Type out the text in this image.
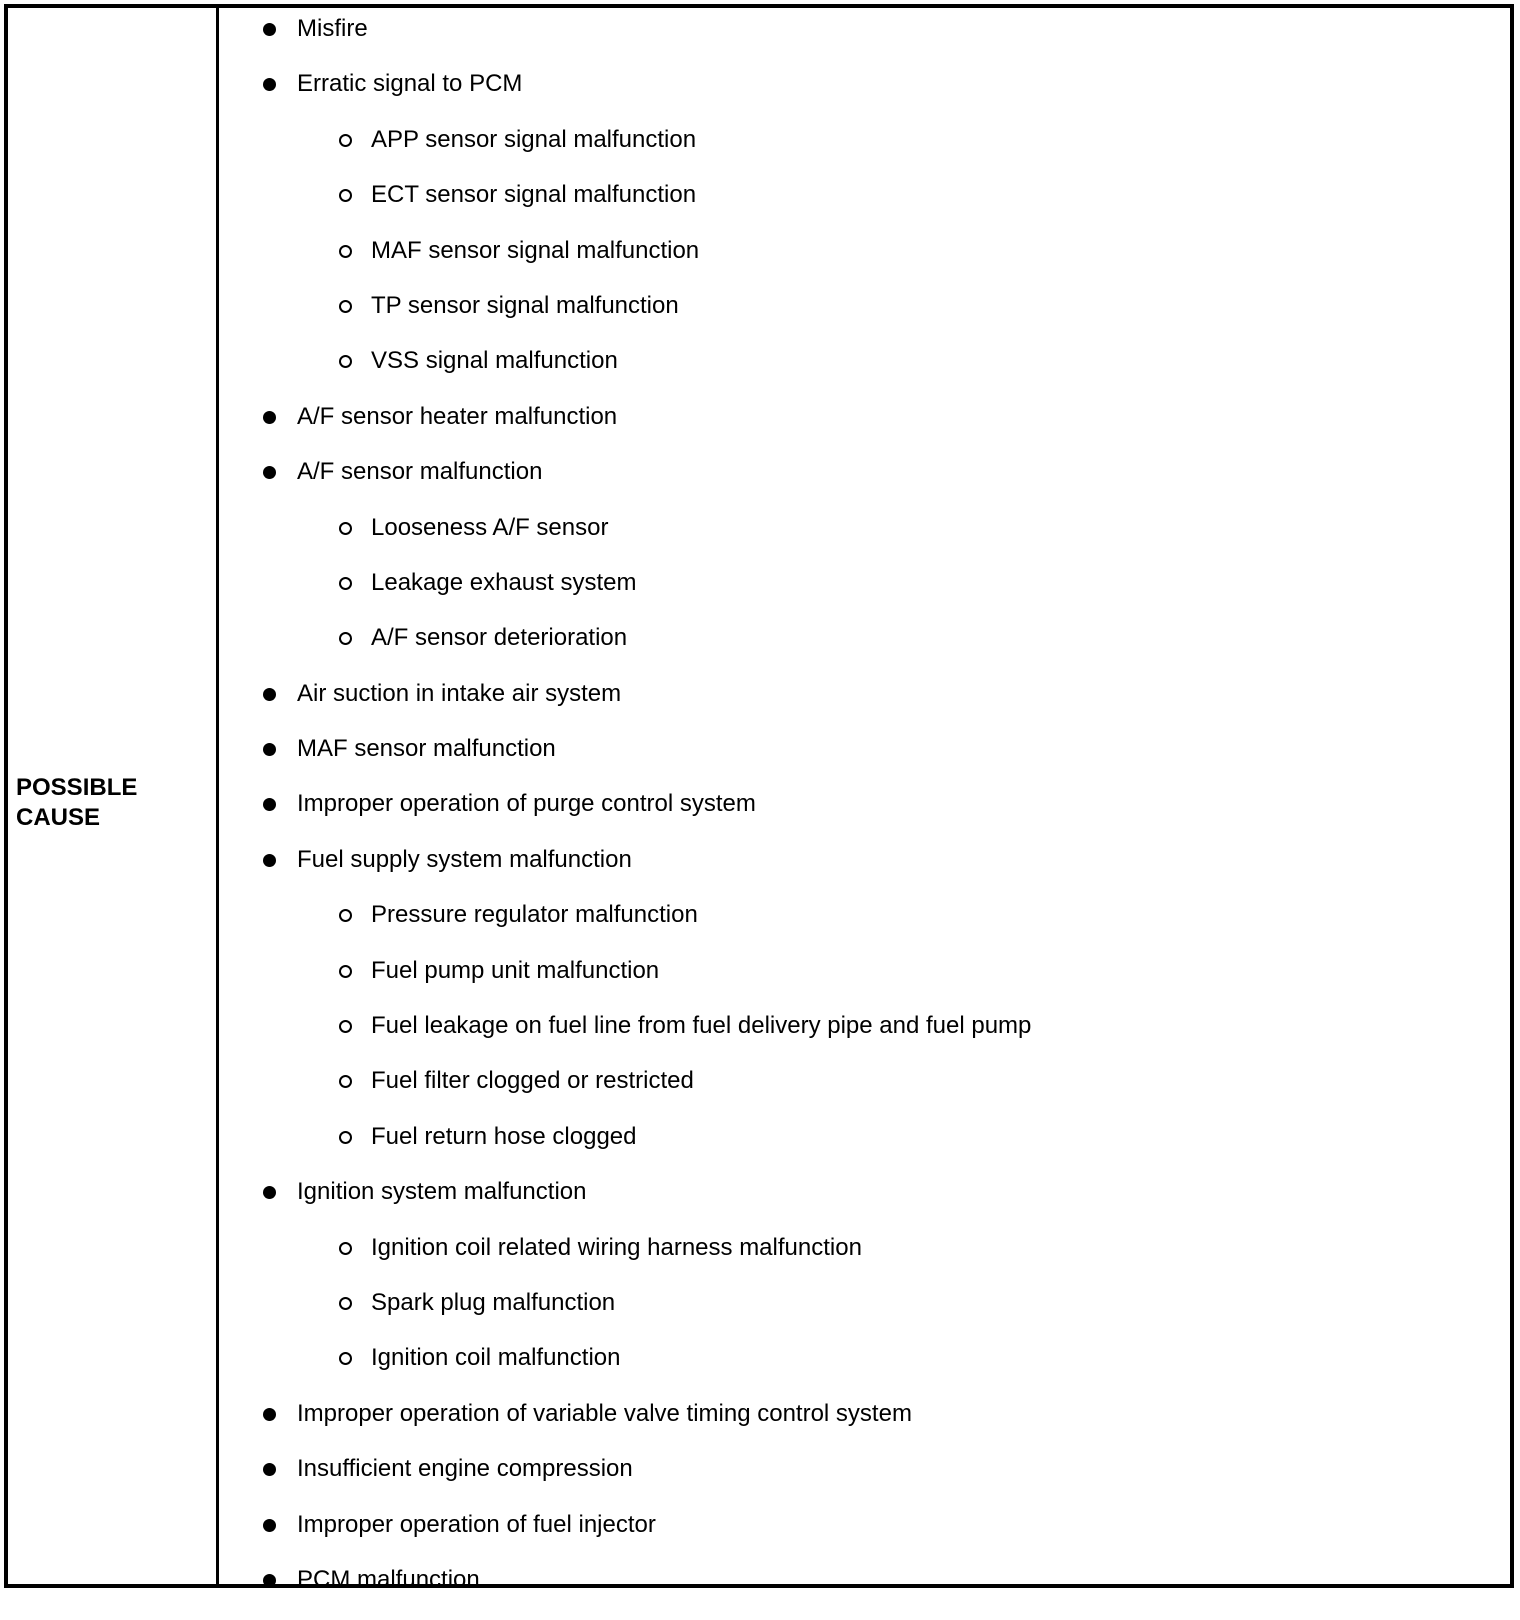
POSSIBLE
CAUSE
Misfire
Erratic signal to PCM
APP sensor signal malfunction
ECT sensor signal malfunction
MAF sensor signal malfunction
TP sensor signal malfunction
VSS signal malfunction
A/F sensor heater malfunction
A/F sensor malfunction
Looseness A/F sensor
Leakage exhaust system
A/F sensor deterioration
Air suction in intake air system
MAF sensor malfunction
Improper operation of purge control system
Fuel supply system malfunction
Pressure regulator malfunction
Fuel pump unit malfunction
Fuel leakage on fuel line from fuel delivery pipe and fuel pump
Fuel filter clogged or restricted
Fuel return hose clogged
Ignition system malfunction
Ignition coil related wiring harness malfunction
Spark plug malfunction
Ignition coil malfunction
Improper operation of variable valve timing control system
Insufficient engine compression
Improper operation of fuel injector
PCM malfunction
